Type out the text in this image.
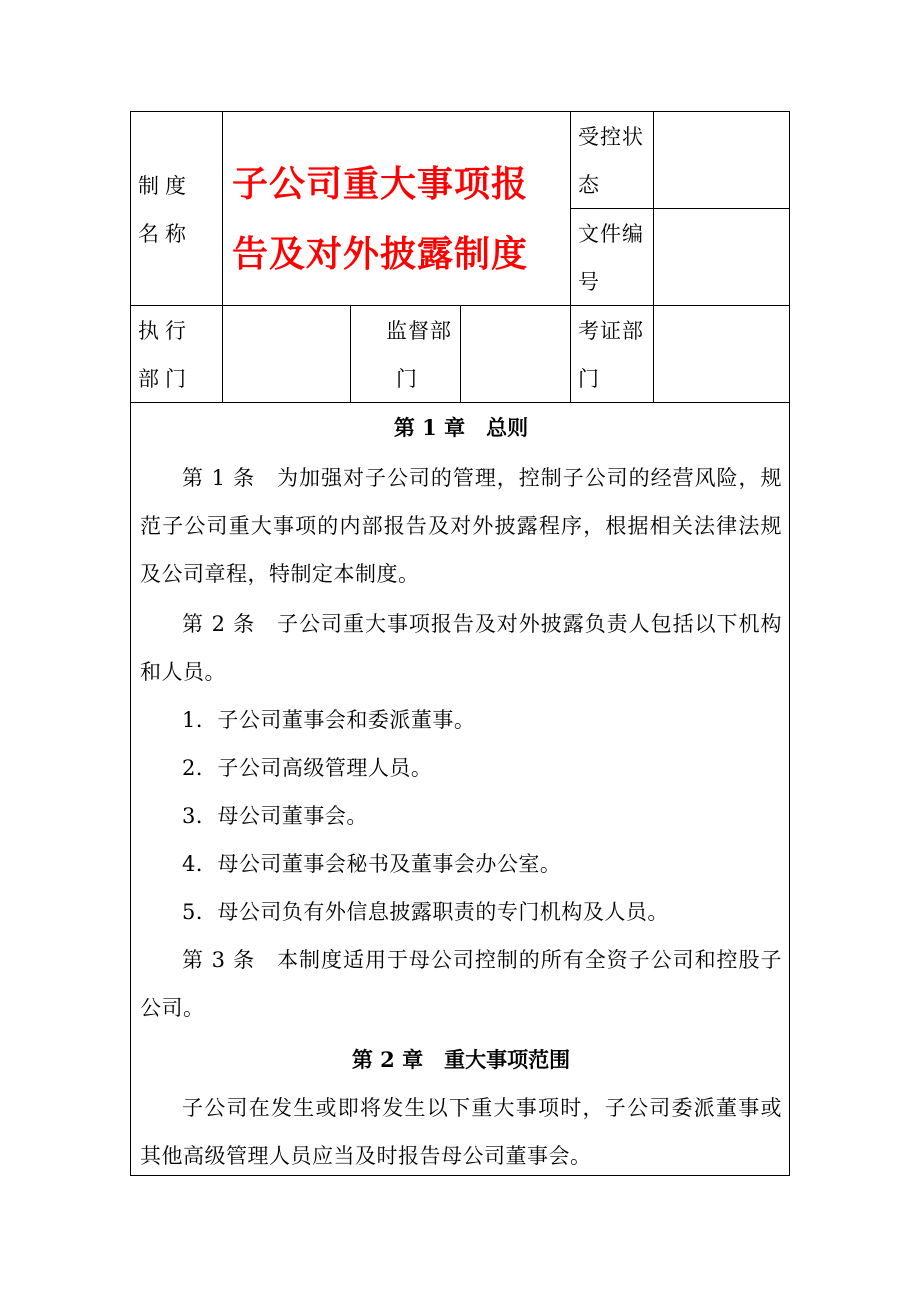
制度名称
子公司重大事项报
告及对外披露制度
受控状态
文件编号
执行部门
监督部
门
考证部门

第 1 章　总则

第 1 条　为加强对子公司的管理，控制子公司的经营风险，规范子公司重大事项的内部报告及对外披露程序，根据相关法律法规及公司章程，特制定本制度。

第 2 条　子公司重大事项报告及对外披露负责人包括以下机构和人员。

1．子公司董事会和委派董事。

2．子公司高级管理人员。

3．母公司董事会。

4．母公司董事会秘书及董事会办公室。

5．母公司负有外信息披露职责的专门机构及人员。

第 3 条　本制度适用于母公司控制的所有全资子公司和控股子公司。

第 2 章　重大事项范围

子公司在发生或即将发生以下重大事项时，子公司委派董事或其他高级管理人员应当及时报告母公司董事会。
